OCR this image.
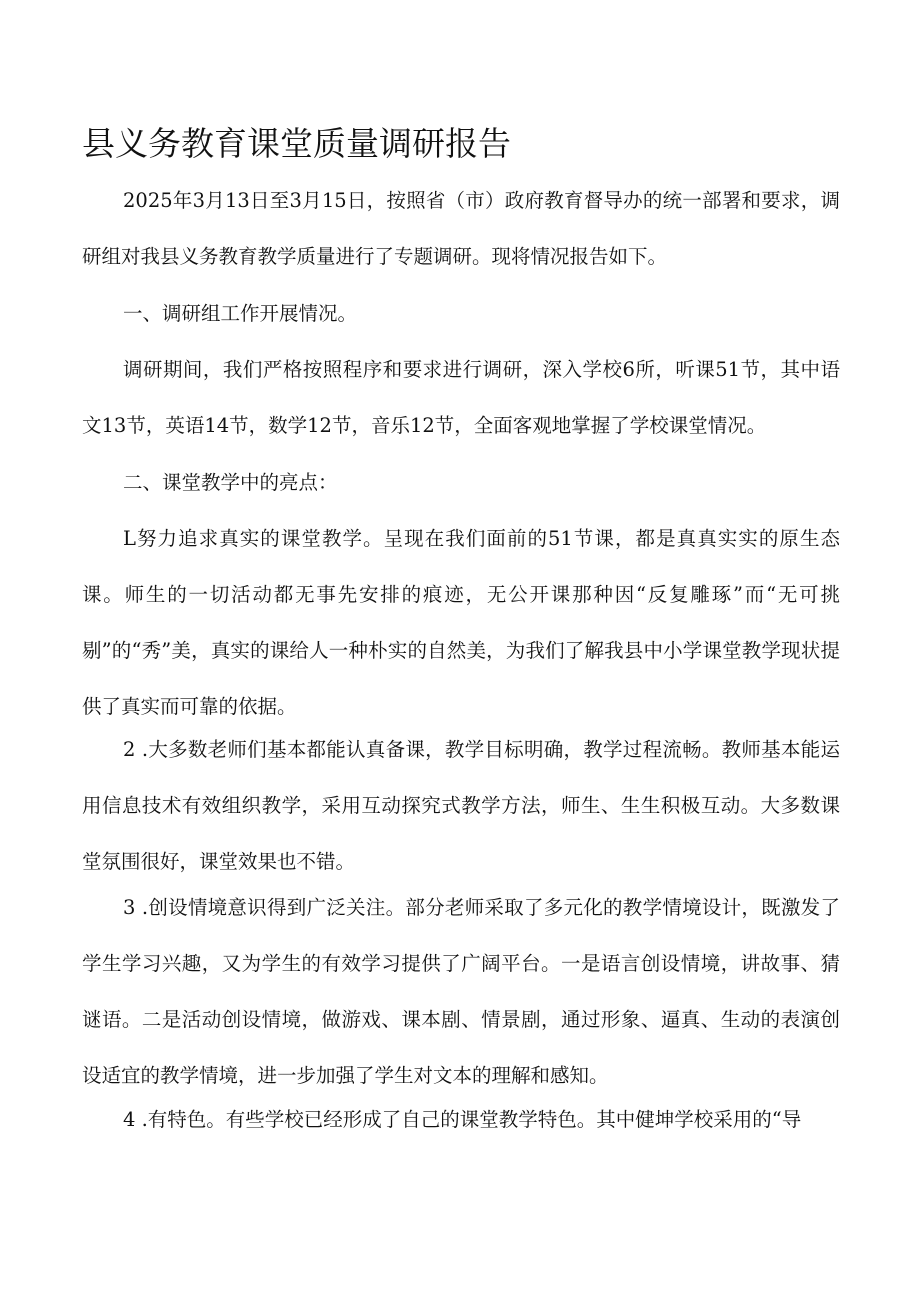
县义务教育课堂质量调研报告

2025年3月13日至3月15日，按照省（市）政府教育督导办的统一部署和要求，调研组对我县义务教育教学质量进行了专题调研。现将情况报告如下。

一、调研组工作开展情况。

调研期间，我们严格按照程序和要求进行调研，深入学校6所，听课51节，其中语文13节，英语14节，数学12节，音乐12节，全面客观地掌握了学校课堂情况。

二、课堂教学中的亮点：

L努力追求真实的课堂教学。呈现在我们面前的51节课，都是真真实实的原生态课。师生的一切活动都无事先安排的痕迹，无公开课那种因“反复雕琢”而“无可挑剔”的“秀”美，真实的课给人一种朴实的自然美，为我们了解我县中小学课堂教学现状提供了真实而可靠的依据。

2 .大多数老师们基本都能认真备课，教学目标明确，教学过程流畅。教师基本能运用信息技术有效组织教学，采用互动探究式教学方法，师生、生生积极互动。大多数课堂氛围很好，课堂效果也不错。

3 .创设情境意识得到广泛关注。部分老师采取了多元化的教学情境设计，既激发了学生学习兴趣，又为学生的有效学习提供了广阔平台。一是语言创设情境，讲故事、猜谜语。二是活动创设情境，做游戏、课本剧、情景剧，通过形象、逼真、生动的表演创设适宜的教学情境，进一步加强了学生对文本的理解和感知。

4 .有特色。有些学校已经形成了自己的课堂教学特色。其中健坤学校采用的“导
